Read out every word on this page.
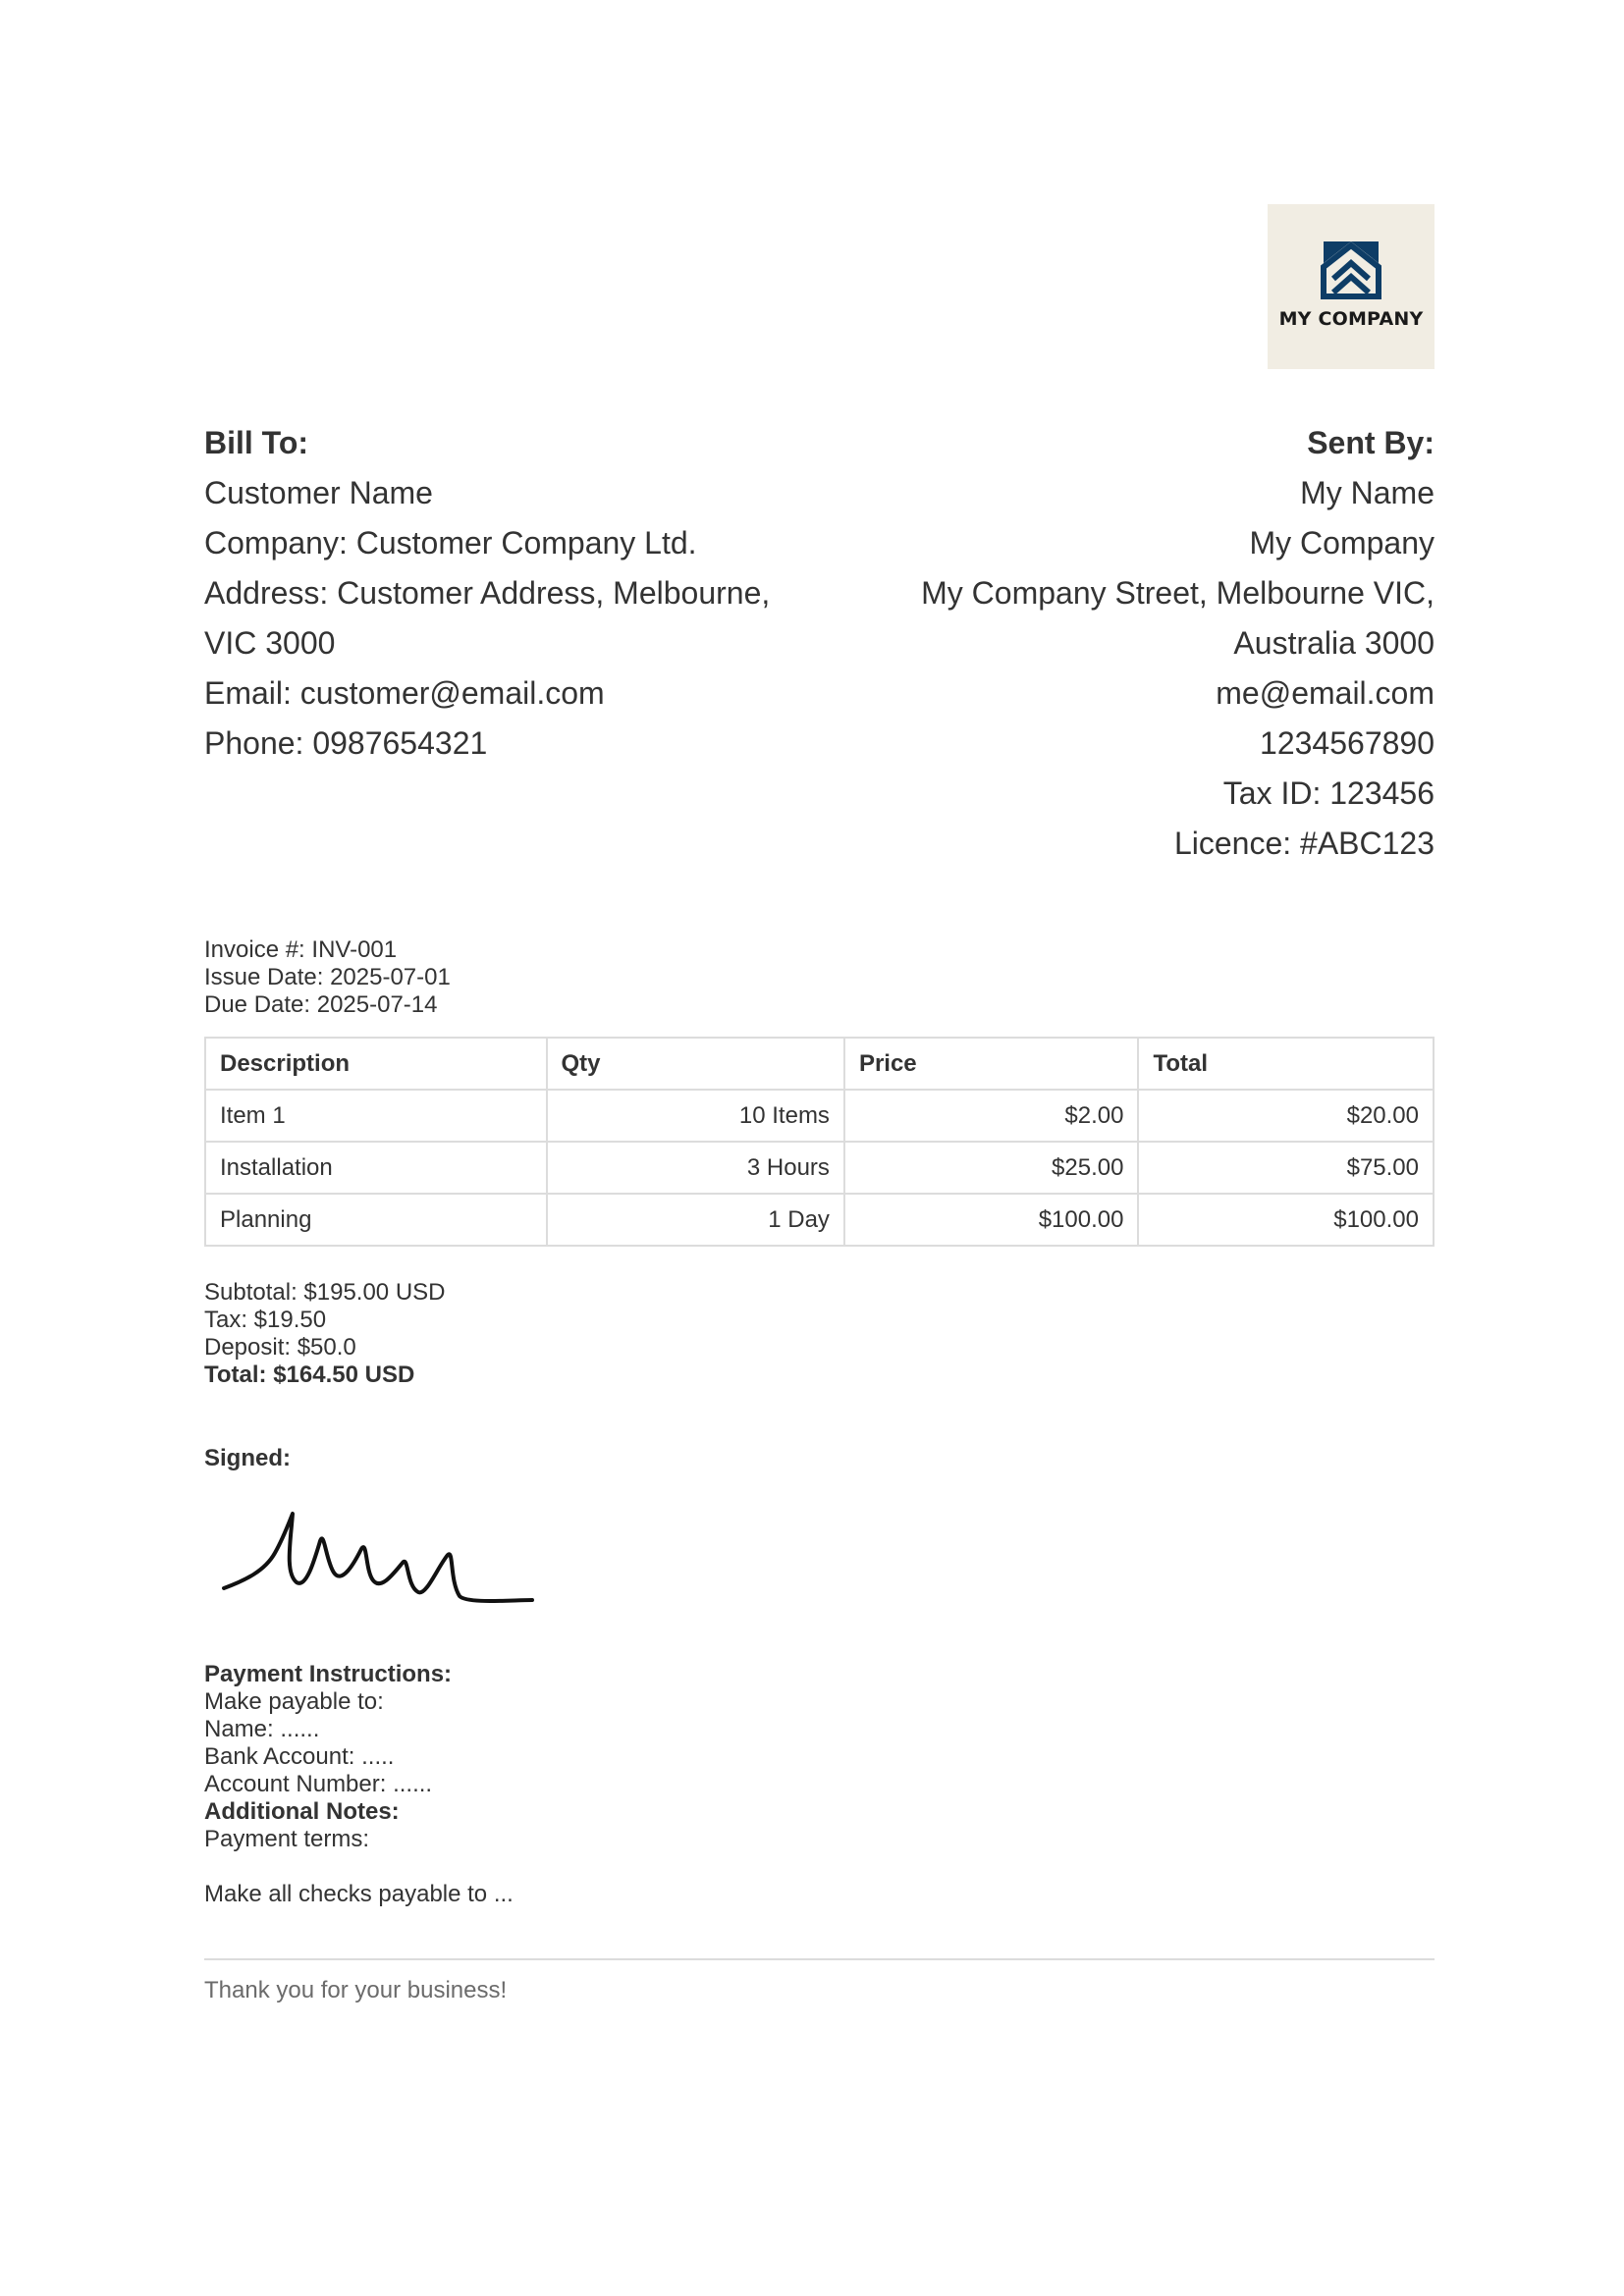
MY COMPANY
Bill To:
Customer Name
Company: Customer Company Ltd.
Address: Customer Address, Melbourne,
VIC 3000
Email: customer@email.com
Phone: 0987654321
Sent By:
My Name
My Company
My Company Street, Melbourne VIC,
Australia 3000
me@email.com
1234567890
Tax ID: 123456
Licence: #ABC123
Invoice #: INV-001
Issue Date: 2025-07-01
Due Date: 2025-07-14
Description	Qty	Price	Total
Item 1	10 Items	$2.00	$20.00
Installation	3 Hours	$25.00	$75.00
Planning	1 Day	$100.00	$100.00
Subtotal: $195.00 USD
Tax: $19.50
Deposit: $50.0
Total: $164.50 USD
Signed:
Payment Instructions:
Make payable to:
Name: ......
Bank Account: .....
Account Number: ......
Additional Notes:
Payment terms:
Make all checks payable to ...
Thank you for your business!
